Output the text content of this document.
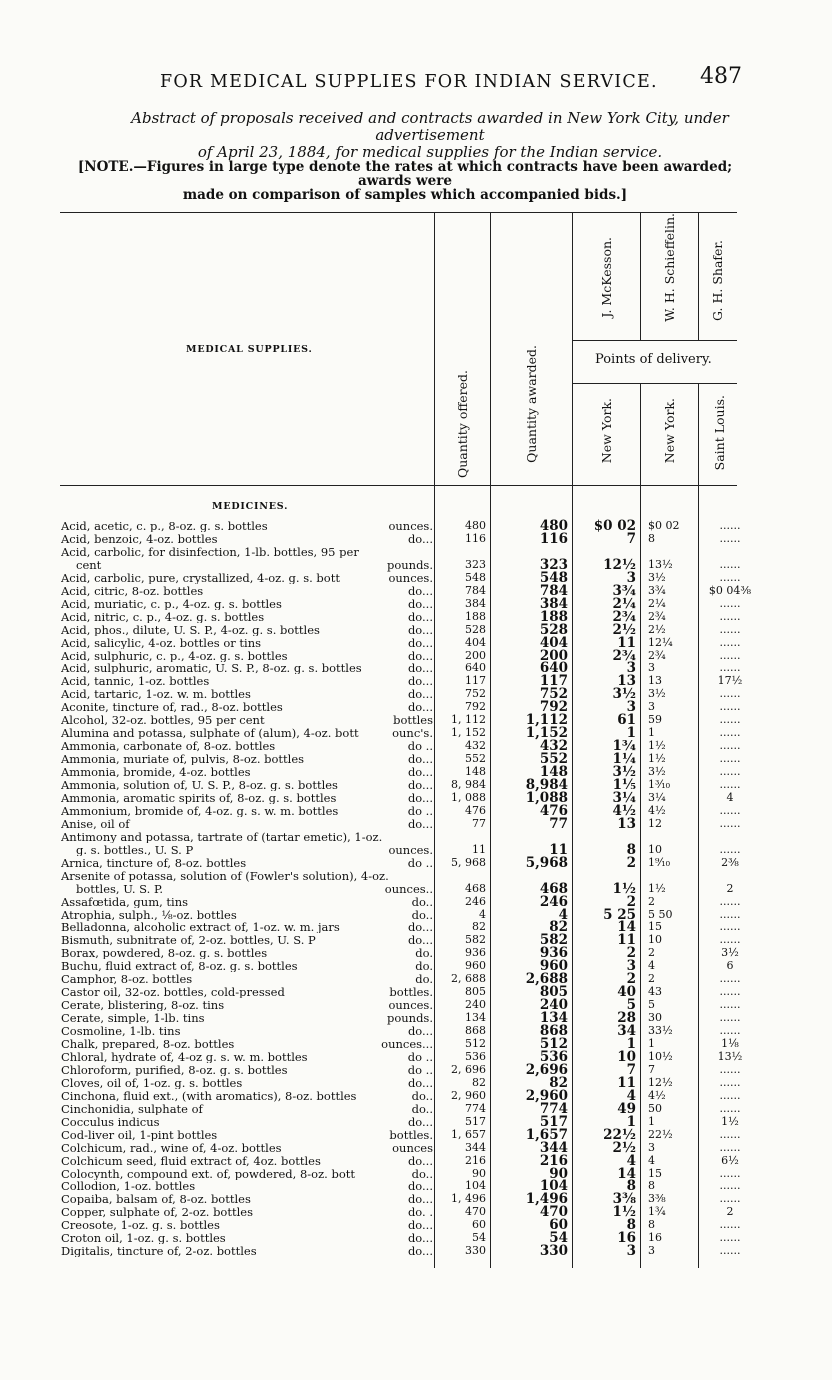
FOR MEDICAL SUPPLIES FOR INDIAN SERVICE. 487
Abstract of proposals received and contracts awarded in New York City, under advertisement
of April 23, 1884, for medical supplies for the Indian service.
[NOTE.—Figures in large type denote the rates at which contracts have been awarded; awards were
made on comparison of samples which accompanied bids.]
MEDICAL SUPPLIES.
Quantity offered.	Quantity awarded.
J. McKesson.	W. H. Schieffelin.	G. H. Shafer.
Points of delivery.
New York.	New York.	Saint Louis.
MEDICINES.
Acid, acetic, c. p., 8-oz. g. s. bottles	ounces.	480	480	$0 02	$0 02	......
Acid, benzoic, 4-oz. bottles	do...	116	116	7	8	......
Acid, carbolic, for disinfection, 1-lb. bottles, 95 per
cent	pounds.	323	323	12½	13½	......
Acid, carbolic, pure, crystallized, 4-oz. g. s. bott	ounces.	548	548	3	3½	......
Acid, citric, 8-oz. bottles	do...	784	784	3¾	3¾	$0 04⅜
Acid, muriatic, c. p., 4-oz. g. s. bottles	do...	384	384	2¼	2¼	......
Acid, nitric, c. p., 4-oz. g. s. bottles	do...	188	188	2¾	2¾	......
Acid, phos., dilute, U. S. P., 4-oz. g. s. bottles	do...	528	528	2½	2½	......
Acid, salicylic, 4-oz. bottles or tins	do...	404	404	11	12¼	......
Acid, sulphuric, c. p., 4-oz. g. s. bottles	do...	200	200	2¾	2¾	......
Acid, sulphuric, aromatic, U. S. P., 8-oz. g. s. bottles	do...	640	640	3	3	......
Acid, tannic, 1-oz. bottles	do...	117	117	13	13	17½
Acid, tartaric, 1-oz. w. m. bottles	do...	752	752	3½	3½	......
Aconite, tincture of, rad., 8-oz. bottles	do...	792	792	3	3	......
Alcohol, 32-oz. bottles, 95 per cent	bottles	1, 112	1,112	61	59	......
Alumina and potassa, sulphate of (alum), 4-oz. bott	ounc's.	1, 152	1,152	1	1	......
Ammonia, carbonate of, 8-oz. bottles	do ..	432	432	1¾	1½	......
Ammonia, muriate of, pulvis, 8-oz. bottles	do...	552	552	1¼	1½	......
Ammonia, bromide, 4-oz. bottles	do...	148	148	3½	3½	......
Ammonia, solution of, U. S. P., 8-oz. g. s. bottles	do...	8, 984	8,984	1⅕	1³⁄₁₀	......
Ammonia, aromatic spirits of, 8-oz. g. s. bottles	do...	1, 088	1,088	3¼	3¼	4
Ammonium, bromide of, 4-oz. g. s. w. m. bottles	do ..	476	476	4½	4½	......
Anise, oil of	do...	77	77	13	12	......
Antimony and potassa, tartrate of (tartar emetic), 1-oz.
g. s. bottles., U. S. P	ounces.	11	11	8	10	......
Arnica, tincture of, 8-oz. bottles	do ..	5, 968	5,968	2	1⁹⁄₁₀	2⅜
Arsenite of potassa, solution of (Fowler's solution), 4-oz.
bottles, U. S. P.	ounces..	468	468	1½	1½	2
Assafœtida, gum, tins	do..	246	246	2	2	......
Atrophia, sulph., ⅛-oz. bottles	do..	4	4	5 25	5 50	......
Belladonna, alcoholic extract of, 1-oz. w. m. jars	do...	82	82	14	15	......
Bismuth, subnitrate of, 2-oz. bottles, U. S. P	do...	582	582	11	10	......
Borax, powdered, 8-oz. g. s. bottles	do.	936	936	2	2	3½
Buchu, fluid extract of, 8-oz. g. s. bottles	do.	960	960	3	4	6
Camphor, 8-oz. bottles	do.	2, 688	2,688	2	2	......
Castor oil, 32-oz. bottles, cold-pressed	bottles.	805	805	40	43	......
Cerate, blistering, 8-oz. tins	ounces.	240	240	5	5	......
Cerate, simple, 1-lb. tins	pounds.	134	134	28	30	......
Cosmoline, 1-lb. tins	do...	868	868	34	33½	......
Chalk, prepared, 8-oz. bottles	ounces...	512	512	1	1	1⅛
Chloral, hydrate of, 4-oz g. s. w. m. bottles	do ..	536	536	10	10½	13½
Chloroform, purified, 8-oz. g. s. bottles	do ..	2, 696	2,696	7	7	......
Cloves, oil of, 1-oz. g. s. bottles	do...	82	82	11	12½	......
Cinchona, fluid ext., (with aromatics), 8-oz. bottles	do..	2, 960	2,960	4	4½	......
Cinchonidia, sulphate of	do..	774	774	49	50	......
Cocculus indicus	do...	517	517	1	1	1½
Cod-liver oil, 1-pint bottles	bottles.	1, 657	1,657	22½	22½	......
Colchicum, rad., wine of, 4-oz. bottles	ounces	344	344	2½	3	......
Colchicum seed, fluid extract of, 4oz. bottles	do...	216	216	4	4	6½
Colocynth, compound ext. of, powdered, 8-oz. bott	do..	90	90	14	15	......
Collodion, 1-oz. bottles	do...	104	104	8	8	......
Copaiba, balsam of, 8-oz. bottles	do...	1, 496	1,496	3⅜	3⅜	......
Copper, sulphate of, 2-oz. bottles	do. .	470	470	1½	1¾	2
Creosote, 1-oz. g. s. bottles	do...	60	60	8	8	......
Croton oil, 1-oz. g. s. bottles	do...	54	54	16	16	......
Digitalis, tincture of, 2-oz. bottles	do...	330	330	3	3	......
